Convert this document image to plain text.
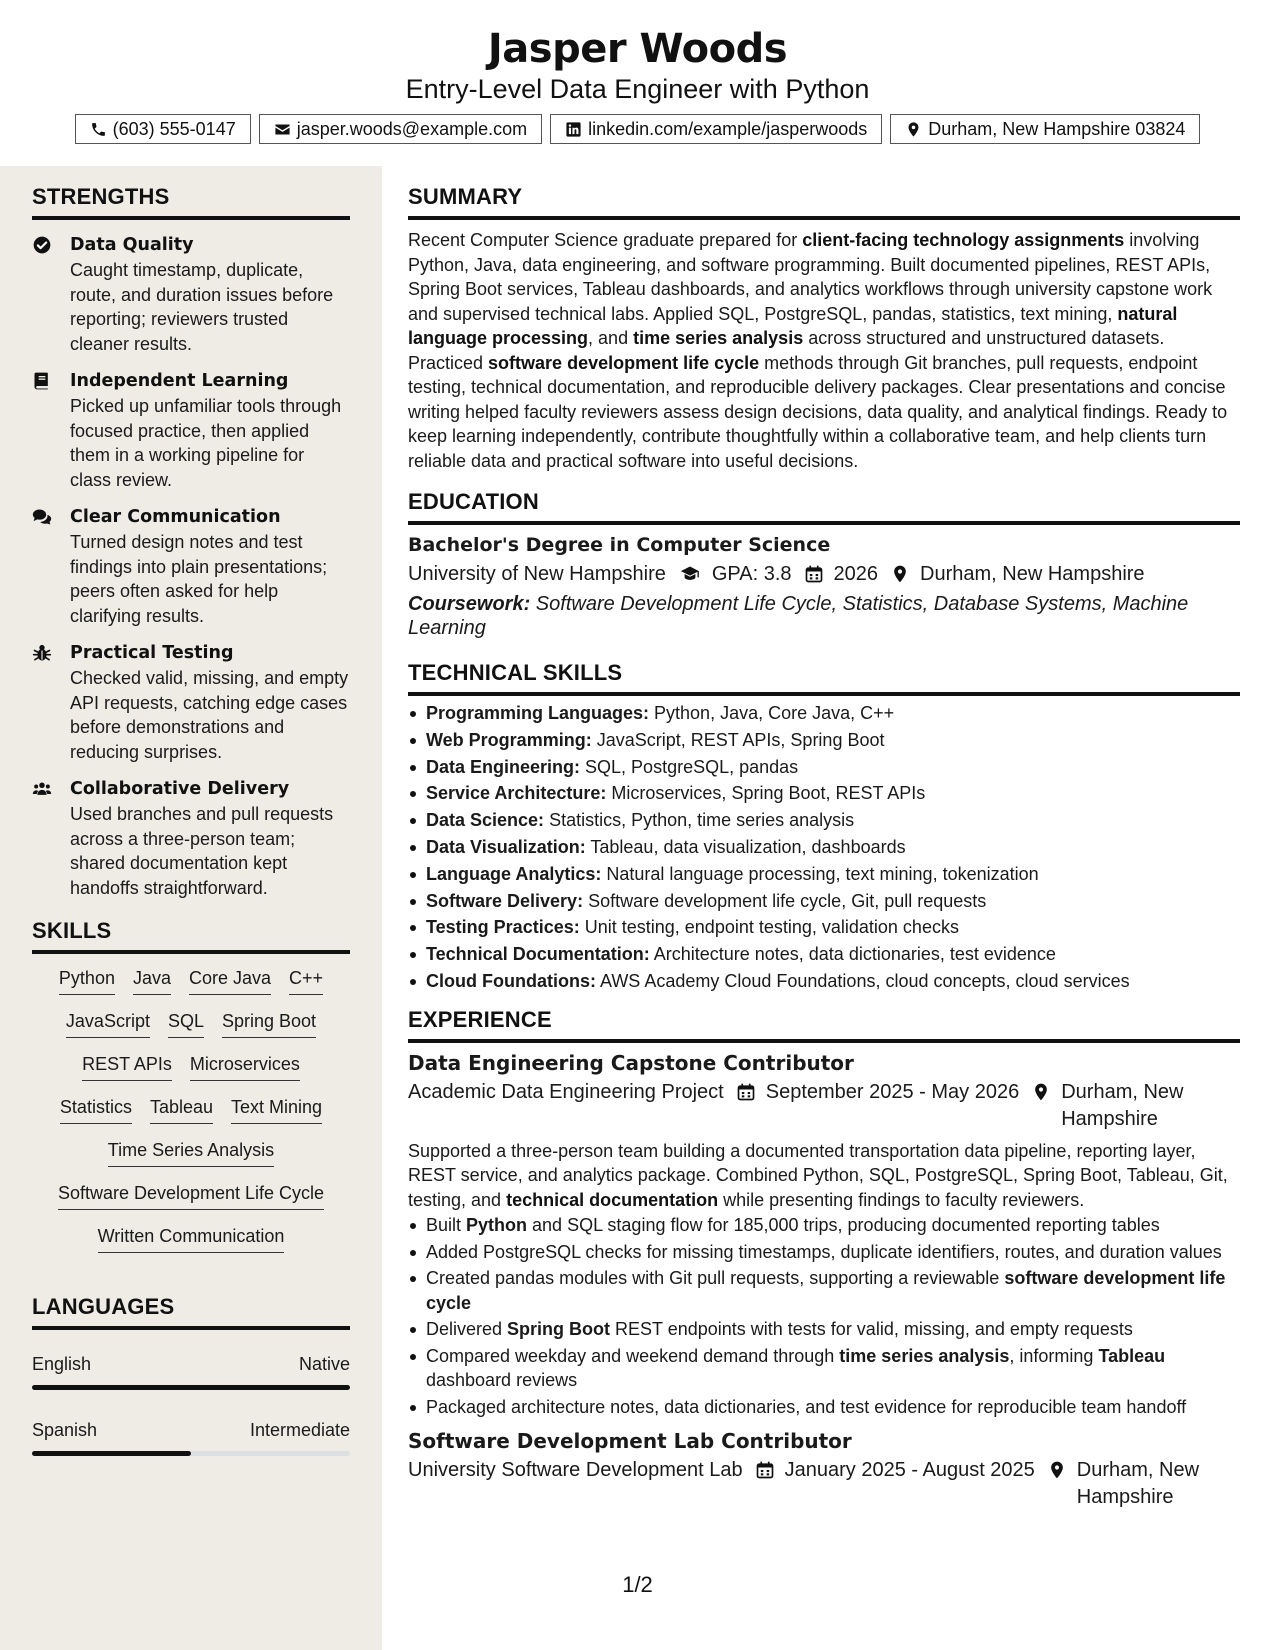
Jasper Woods
Entry-Level Data Engineer with Python
(603) 555-0147	jasper.woods@example.com	linkedin.com/example/jasperwoods	Durham, New Hampshire 03824
STRENGTHS
Data Quality
Caught timestamp, duplicate, route, and duration issues before reporting; reviewers trusted cleaner results.
Independent Learning
Picked up unfamiliar tools through focused practice, then applied them in a working pipeline for class review.
Clear Communication
Turned design notes and test findings into plain presentations; peers often asked for help clarifying results.
Practical Testing
Checked valid, missing, and empty API requests, catching edge cases before demonstrations and reducing surprises.
Collaborative Delivery
Used branches and pull requests across a three-person team; shared documentation kept handoffs straightforward.
SKILLS
Python Java Core Java C++
JavaScript SQL Spring Boot
REST APIs Microservices
Statistics Tableau Text Mining
Time Series Analysis
Software Development Life Cycle
Written Communication
LANGUAGES
English	Native
Spanish	Intermediate
SUMMARY
Recent Computer Science graduate prepared for client-facing technology assignments involving Python, Java, data engineering, and software programming. Built documented pipelines, REST APIs, Spring Boot services, Tableau dashboards, and analytics workflows through university capstone work and supervised technical labs. Applied SQL, PostgreSQL, pandas, statistics, text mining, natural language processing, and time series analysis across structured and unstructured datasets. Practiced software development life cycle methods through Git branches, pull requests, endpoint testing, technical documentation, and reproducible delivery packages. Clear presentations and concise writing helped faculty reviewers assess design decisions, data quality, and analytical findings. Ready to keep learning independently, contribute thoughtfully within a collaborative team, and help clients turn reliable data and practical software into useful decisions.
EDUCATION
Bachelor's Degree in Computer Science
University of New Hampshire GPA: 3.8 2026 Durham, New Hampshire
Coursework: Software Development Life Cycle, Statistics, Database Systems, Machine Learning
TECHNICAL SKILLS
Programming Languages: Python, Java, Core Java, C++
Web Programming: JavaScript, REST APIs, Spring Boot
Data Engineering: SQL, PostgreSQL, pandas
Service Architecture: Microservices, Spring Boot, REST APIs
Data Science: Statistics, Python, time series analysis
Data Visualization: Tableau, data visualization, dashboards
Language Analytics: Natural language processing, text mining, tokenization
Software Delivery: Software development life cycle, Git, pull requests
Testing Practices: Unit testing, endpoint testing, validation checks
Technical Documentation: Architecture notes, data dictionaries, test evidence
Cloud Foundations: AWS Academy Cloud Foundations, cloud concepts, cloud services
EXPERIENCE
Data Engineering Capstone Contributor
Academic Data Engineering Project September 2025 - May 2026 Durham, New Hampshire
Supported a three-person team building a documented transportation data pipeline, reporting layer, REST service, and analytics package. Combined Python, SQL, PostgreSQL, Spring Boot, Tableau, Git, testing, and technical documentation while presenting findings to faculty reviewers.
Built Python and SQL staging flow for 185,000 trips, producing documented reporting tables
Added PostgreSQL checks for missing timestamps, duplicate identifiers, routes, and duration values
Created pandas modules with Git pull requests, supporting a reviewable software development life cycle
Delivered Spring Boot REST endpoints with tests for valid, missing, and empty requests
Compared weekday and weekend demand through time series analysis, informing Tableau dashboard reviews
Packaged architecture notes, data dictionaries, and test evidence for reproducible team handoff
Software Development Lab Contributor
University Software Development Lab January 2025 - August 2025 Durham, New Hampshire
1/2
